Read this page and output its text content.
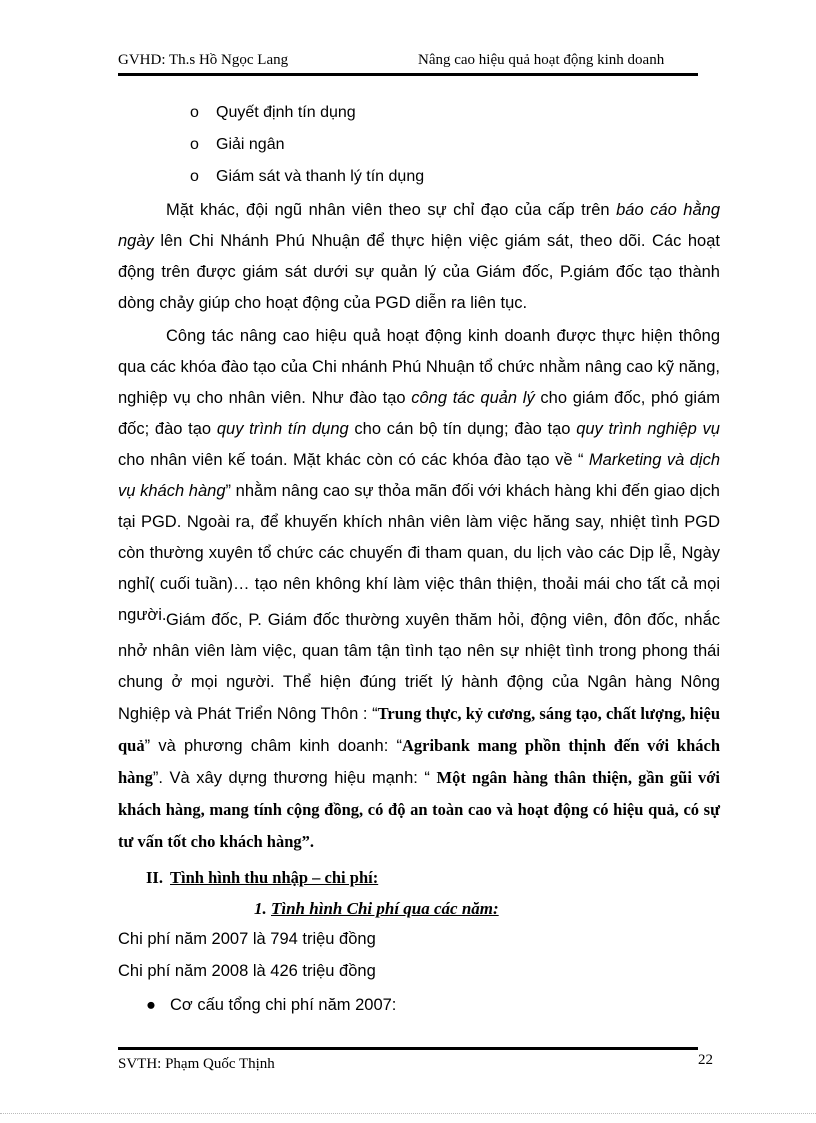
GVHD: Th.s Hồ Ngọc Lang	Nâng cao hiệu quả hoạt động kinh doanh
o Quyết định tín dụng
o Giải ngân
o Giám sát và thanh lý tín dụng

Mặt khác, đội ngũ nhân viên theo sự chỉ đạo của cấp trên báo cáo hằng ngày lên Chi Nhánh Phú Nhuận để thực hiện việc giám sát, theo dõi. Các hoạt động trên được giám sát dưới sự quản lý của Giám đốc, P.giám đốc tạo thành dòng chảy giúp cho hoạt động của PGD diễn ra liên tục.

Công tác nâng cao hiệu quả hoạt động kinh doanh được thực hiện thông qua các khóa đào tạo của Chi nhánh Phú Nhuận tổ chức nhằm nâng cao kỹ năng, nghiệp vụ cho nhân viên. Như đào tạo công tác quản lý cho giám đốc, phó giám đốc; đào tạo quy trình tín dụng cho cán bộ tín dụng; đào tạo quy trình nghiệp vụ cho nhân viên kế toán. Mặt khác còn có các khóa đào tạo về “ Marketing và dịch vụ khách hàng” nhằm nâng cao sự thỏa mãn đối với khách hàng khi đến giao dịch tại PGD. Ngoài ra, để khuyến khích nhân viên làm việc hăng say, nhiệt tình PGD còn thường xuyên tổ chức các chuyến đi tham quan, du lịch vào các Dịp lễ, Ngày nghỉ( cuối tuần)… tạo nên không khí làm việc thân thiện, thoải mái cho tất cả mọi người. Giám đốc, P. Giám đốc thường xuyên thăm hỏi, động viên, đôn đốc, nhắc nhở nhân viên làm việc, quan tâm tận tình tạo nên sự nhiệt tình trong phong thái chung ở mọi người. Thể hiện đúng triết lý hành động của Ngân hàng Nông Nghiệp và Phát Triển Nông Thôn : “Trung thực, kỷ cương, sáng tạo, chất lượng, hiệu quả” và phương châm kinh doanh: “Agribank mang phồn thịnh đến với khách hàng”. Và xây dựng thương hiệu mạnh: “ Một ngân hàng thân thiện, gần gũi với khách hàng, mang tính cộng đồng, có độ an toàn cao và hoạt động có hiệu quả, có sự tư vấn tốt cho khách hàng”.

II. Tình hình thu nhập – chi phí:
1. Tình hình Chi phí qua các năm:
Chi phí năm 2007 là 794 triệu đồng
Chi phí năm 2008 là 426 triệu đồng
● Cơ cấu tổng chi phí năm 2007:
SVTH: Phạm Quốc Thịnh	22
